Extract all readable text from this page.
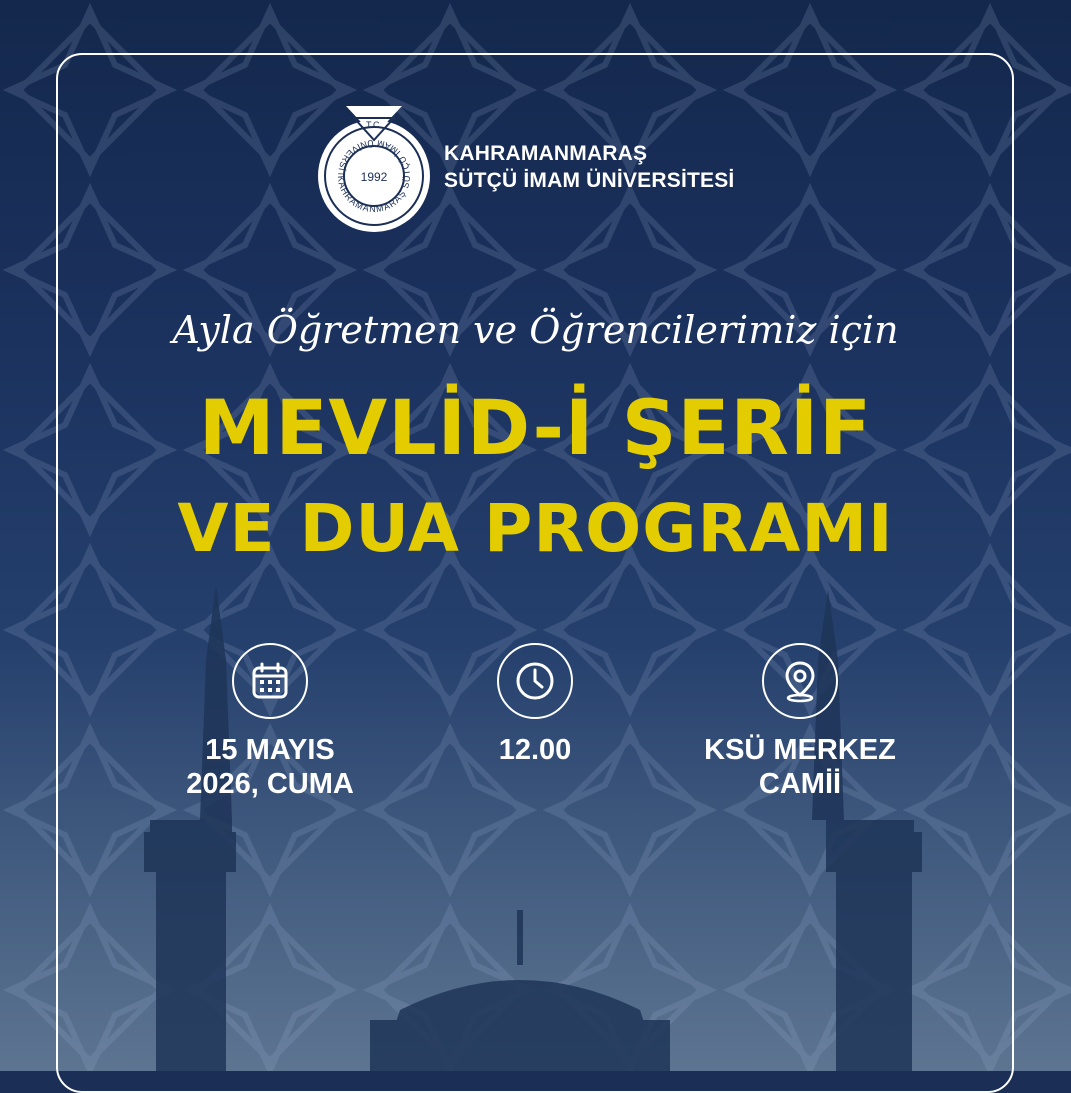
T.C.
1992
KAHRAMANMARAŞ SÜTÇÜ İMAM ÜNİVERSİT
KAHRAMANMARAŞ
SÜTÇÜ İMAM ÜNİVERSİTESİ
Ayla Öğretmen ve Öğrencilerimiz için
MEVLİD-İ ŞERİF
VE DUA PROGRAMI
15 MAYIS
2026, CUMA
12.00	KSÜ MERKEZ
CAMİİ
